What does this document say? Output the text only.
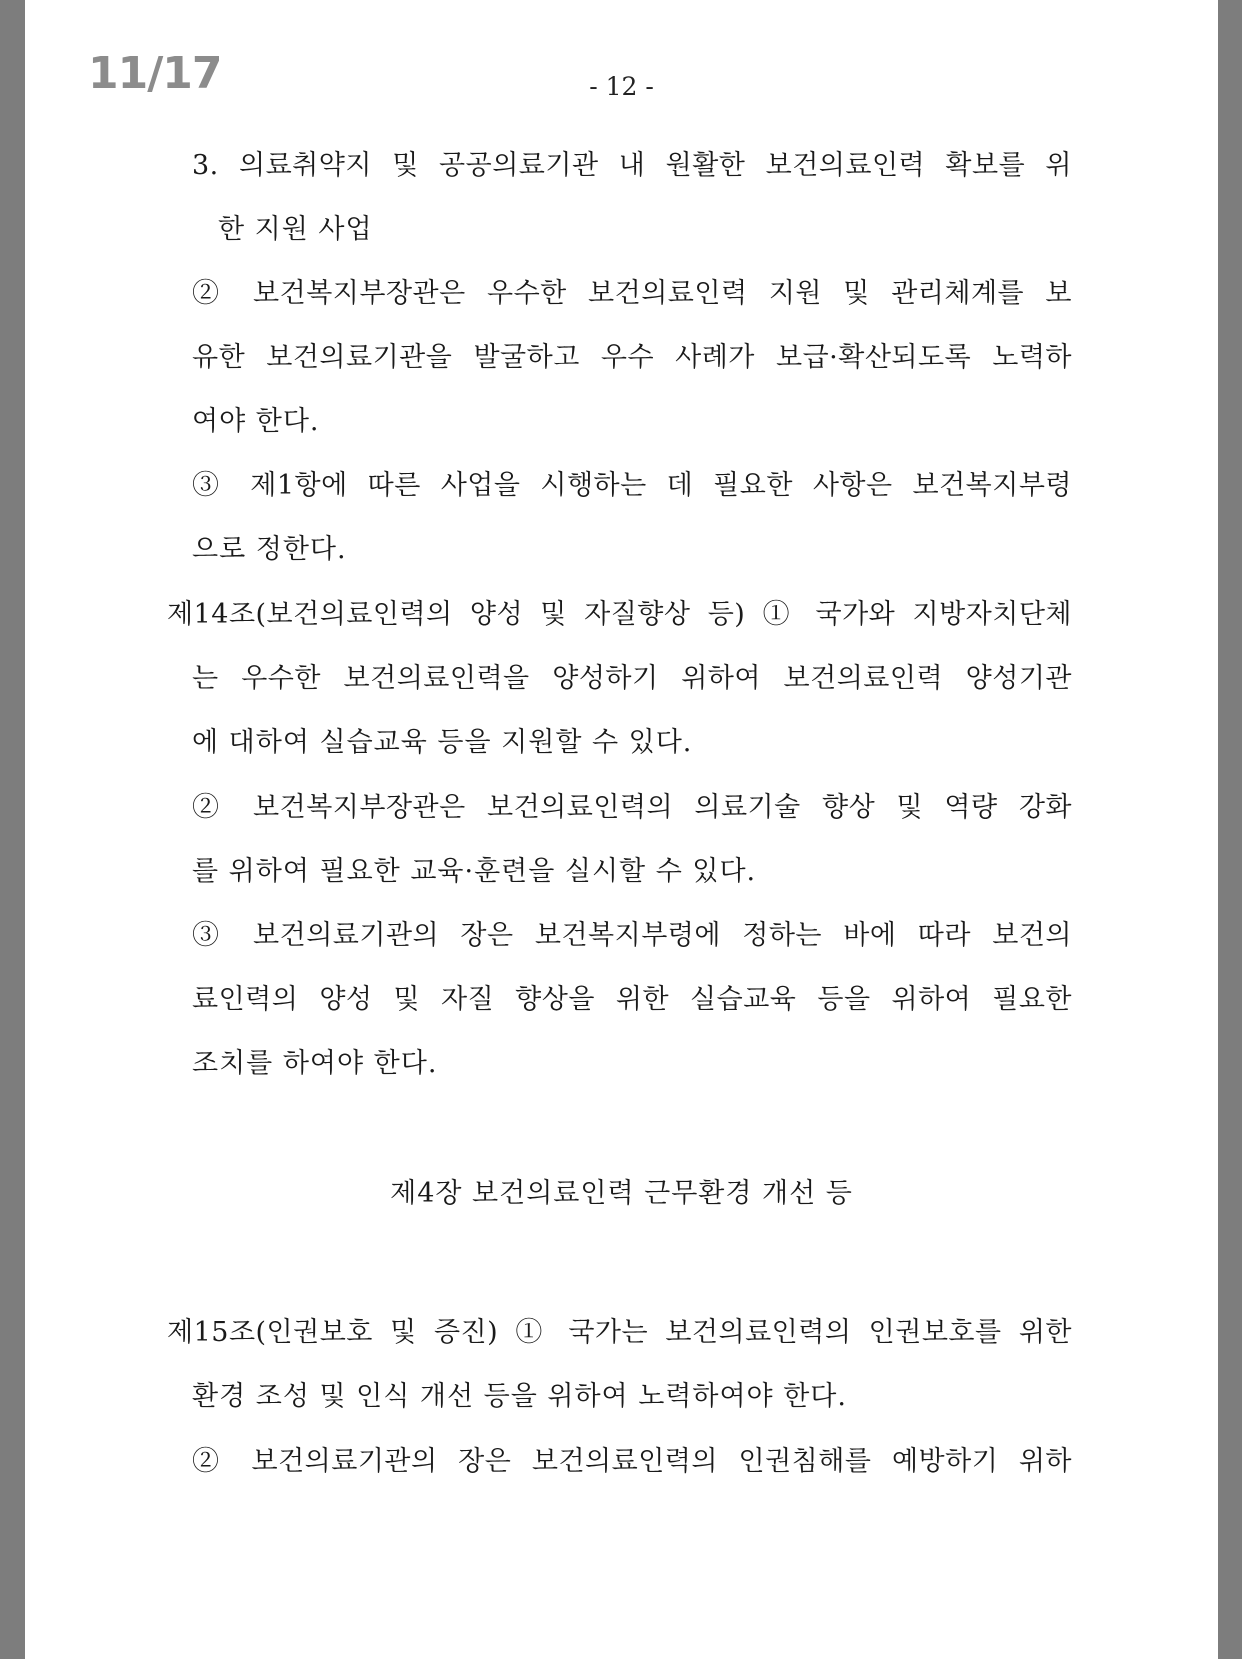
11/17	- 12 -
3. 의료취약지 및 공공의료기관 내 원활한 보건의료인력 확보를 위
한 지원 사업
② 보건복지부장관은 우수한 보건의료인력 지원 및 관리체계를 보
유한 보건의료기관을 발굴하고 우수 사례가 보급·확산되도록 노력하
여야 한다.
③ 제1항에 따른 사업을 시행하는 데 필요한 사항은 보건복지부령
으로 정한다.
제14조(보건의료인력의 양성 및 자질향상 등) ① 국가와 지방자치단체
는 우수한 보건의료인력을 양성하기 위하여 보건의료인력 양성기관
에 대하여 실습교육 등을 지원할 수 있다.
② 보건복지부장관은 보건의료인력의 의료기술 향상 및 역량 강화
를 위하여 필요한 교육·훈련을 실시할 수 있다.
③ 보건의료기관의 장은 보건복지부령에 정하는 바에 따라 보건의
료인력의 양성 및 자질 향상을 위한 실습교육 등을 위하여 필요한
조치를 하여야 한다.
제4장 보건의료인력 근무환경 개선 등
제15조(인권보호 및 증진) ① 국가는 보건의료인력의 인권보호를 위한
환경 조성 및 인식 개선 등을 위하여 노력하여야 한다.
② 보건의료기관의 장은 보건의료인력의 인권침해를 예방하기 위하
